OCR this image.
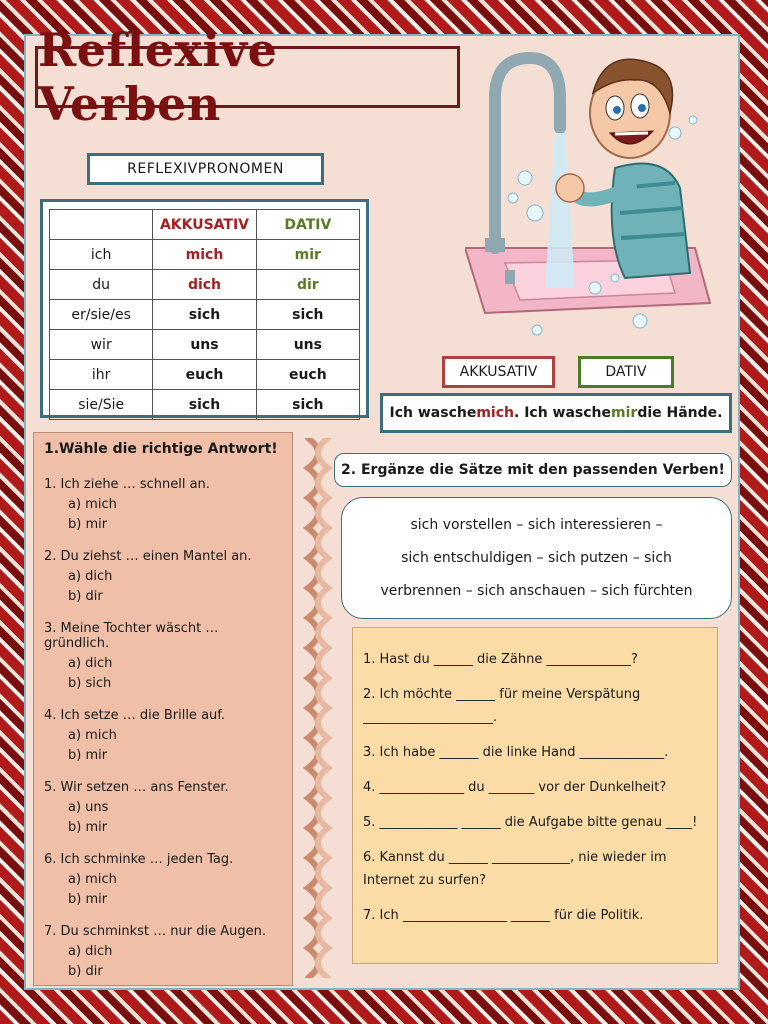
Reflexive Verben
REFLEXIVPRONOMEN
	AKKUSATIV	DATIV
ich	mich	mir
du	dich	dir
er/sie/es	sich	sich
wir	uns	uns
ihr	euch	euch
sie/Sie	sich	sich
AKKUSATIV	DATIV
Ich wasche mich . Ich wasche mir die Hände.
1.Wähle die richtige Antwort!
1. Ich ziehe … schnell an.
a) mich
b) mir
2. Du ziehst … einen Mantel an.
a) dich
b) dir
3. Meine Tochter wäscht … gründlich.
a) dich
b) sich
4. Ich setze … die Brille auf.
a) mich
b) mir
5. Wir setzen … ans Fenster.
a) uns
b) mir
6. Ich schminke … jeden Tag.
a) mich
b) mir
7. Du schminkst … nur die Augen.
a) dich
b) dir
2. Ergänze die Sätze mit den passenden Verben!
sich vorstellen – sich interessieren –
sich entschuldigen – sich putzen – sich
verbrennen – sich anschauen – sich fürchten
1. Hast du ______ die Zähne _____________?
2. Ich möchte ______ für meine Verspätung ____________________.
3. Ich habe ______ die linke Hand _____________.
4. _____________ du _______ vor der Dunkelheit?
5. ____________ ______ die Aufgabe bitte genau ____!
6. Kannst du ______ ____________, nie wieder im Internet zu surfen?
7. Ich ________________ ______ für die Politik.
